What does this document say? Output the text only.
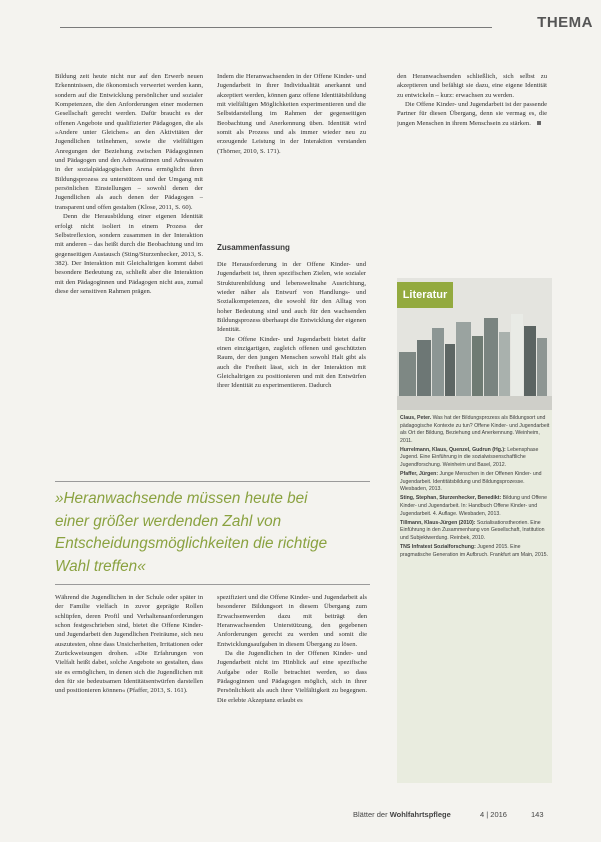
THEMA

Bildung zeit heute nicht nur auf den Erwerb neuen Erkenntnissen, die ökonomisch verwertet werden kann, sondern auf die Entwicklung persönlicher und sozialer Kompetenzen, die den Anforderungen einer modernen Gesellschaft gerecht werden. Dafür braucht es der offenen Angebote und qualifizierter Pädagogen, die als »Andere unter Gleichen« an den Aktivitäten der Jugendlichen teilnehmen, sowie die vielfältigen Anregungen der Beziehung zwischen Pädagoginnen und Pädagogen und den Adressatinnen und Adressaten in der sozialpädagogischen Arena ermöglicht ihren Bildungsprozess zu unterstützen und der Umgang mit persönlichen Einstellungen – sowohl denen der Jugendlichen als auch denen der Pädagogen – transparent und offen gestalten (Klose, 2011, S. 60).

Denn die Herausbildung einer eigenen Identität erfolgt nicht isoliert in einem Prozess der Selbstreflexion, sondern zusammen in der Interaktion mit anderen – das heißt durch die Beobachtung und im gegenseitigen Austausch (Sting/Sturzenhecker, 2013, S. 382). Der Interaktion mit Gleichaltrigen kommt dabei besondere Bedeutung zu, schließt aber die Interaktion mit den Pädagoginnen und Pädagogen nicht aus, zumal diese der sensitiven Rahmen prägen.

Indem die Heranwachsenden in der Offene Kinder- und Jugendarbeit in ihrer Individualität anerkannt und akzeptiert werden, können ganz offene Identitätsbildung mit vielfältigen Möglichkeiten experimentieren und die Selbstdarstellung im Rahmen der gegenseitigen Beobachtung und Anerkennung üben. Identität wird somit als Prozess und als immer wieder neu zu erzeugende Leistung in der Interaktion verstanden (Thörner, 2010, S. 171).

Zusammenfassung

Die Herausforderung in der Offene Kinder- und Jugendarbeit ist, ihren spezifischen Zielen, wie sozialer Strukturenbildung und lebensweltnahe Ausrichtung, wieder näher als Entwurf von Handlungs- und Sozialkompetenzen, die sowohl für den Alltag von hoher Bedeutung sind und auch für den wachsenden Bildungsprozess überhaupt die Entwicklung der eigenen Identität.

Die Offene Kinder- und Jugendarbeit bietet dafür einen einzigartigen, zugleich offenen und geschützten Raum, der den jungen Menschen sowohl Halt gibt als auch die Freiheit lässt, sich in der Interaktion mit Gleichaltrigen zu positionieren und mit den Entwürfen ihrer Identität zu experimentieren. Dadurch

den Heranwachsenden schließlich, sich selbst zu akzeptieren und befähigt sie dazu, eine eigene Identität zu entwickeln – kurz: erwachsen zu werden.

Die Offene Kinder- und Jugendarbeit ist der passende Partner für diesen Übergang, denn sie vermag es, die jungen Menschen in ihrem Menschsein zu stärken.

Literatur
Claus, Peter. Was hat der Bildungsprozess als Bildungsort und pädagogische Kontexte zu tun? Offene Kinder- und Jugendarbeit als Ort der Bildung, Beziehung und Anerkennung. Weinheim, 2011.
Hurrelmann, Klaus, Quenzel, Gudrun (Hg.): Lebensphase Jugend. Eine Einführung in die sozialwissenschaftliche Jugendforschung. Weinheim und Basel, 2012.
Pfaffer, Jürgen: Junge Menschen in der Offenen Kinder- und Jugendarbeit. Identitätsbildung und Bildungsprozesse. Wiesbaden, 2013.
Sting, Stephan, Sturzenhecker, Benedikt: Bildung und Offene Kinder- und Jugendarbeit. In: Handbuch Offene Kinder- und Jugendarbeit. 4. Auflage. Wiesbaden, 2013.
Tillmann, Klaus-Jürgen (2010): Sozialisationstheorien. Eine Einführung in den Zusammenhang von Gesellschaft, Institution und Subjektwerdung. Reinbek, 2010.
TNS Infratest Sozialforschung: Jugend 2015. Eine pragmatische Generation im Aufbruch. Frankfurt am Main, 2015.
»Heranwachsende müssen heute bei
einer größer werdenden Zahl von
Entscheidungsmöglichkeiten die richtige
Wahl treffen«

Während die Jugendlichen in der Schule oder später in der Familie vielfach in zuvor geprägte Rollen schlüpfen, deren Profil und Verhaltensanforderungen schon festgeschrieben sind, bietet die Offene Kinder- und Jugendarbeit den Jugendlichen Freiräume, sich neu auszutesten, ohne dass Unsicherheiten, Irritationen oder Zurückweisungen drohen. »Die Erfahrungen von Vielfalt heißt dabei, solche Angebote so gestalten, dass sie es ermöglichen, in denen sich die Jugendlichen mit den für sie bedeutsamen Identitätsentwürfen darstellen und positionieren können« (Pfaffer, 2013, S. 161).

spezifiziert und die Offene Kinder- und Jugendarbeit als besonderer Bildungsort in diesem Übergang zum Erwachsenwerden dazu mit beiträgt den Heranwachsenden Unterstützung, den gegebenen Anforderungen gerecht zu werden und somit die Entwicklungsaufgaben in diesem Übergang zu lösen.

Da die Jugendlichen in der Offenen Kinder- und Jugendarbeit nicht im Hinblick auf eine spezifische Aufgabe oder Rolle betrachtet werden, so dass Pädagoginnen und Pädagogen möglich, sich in ihrer Persönlichkeit als auch ihrer Vielfältigkeit zu begegnen. Die erlebte Akzeptanz erlaubt es

Blätter der Wohlfahrtspflege	4 | 2016	143
